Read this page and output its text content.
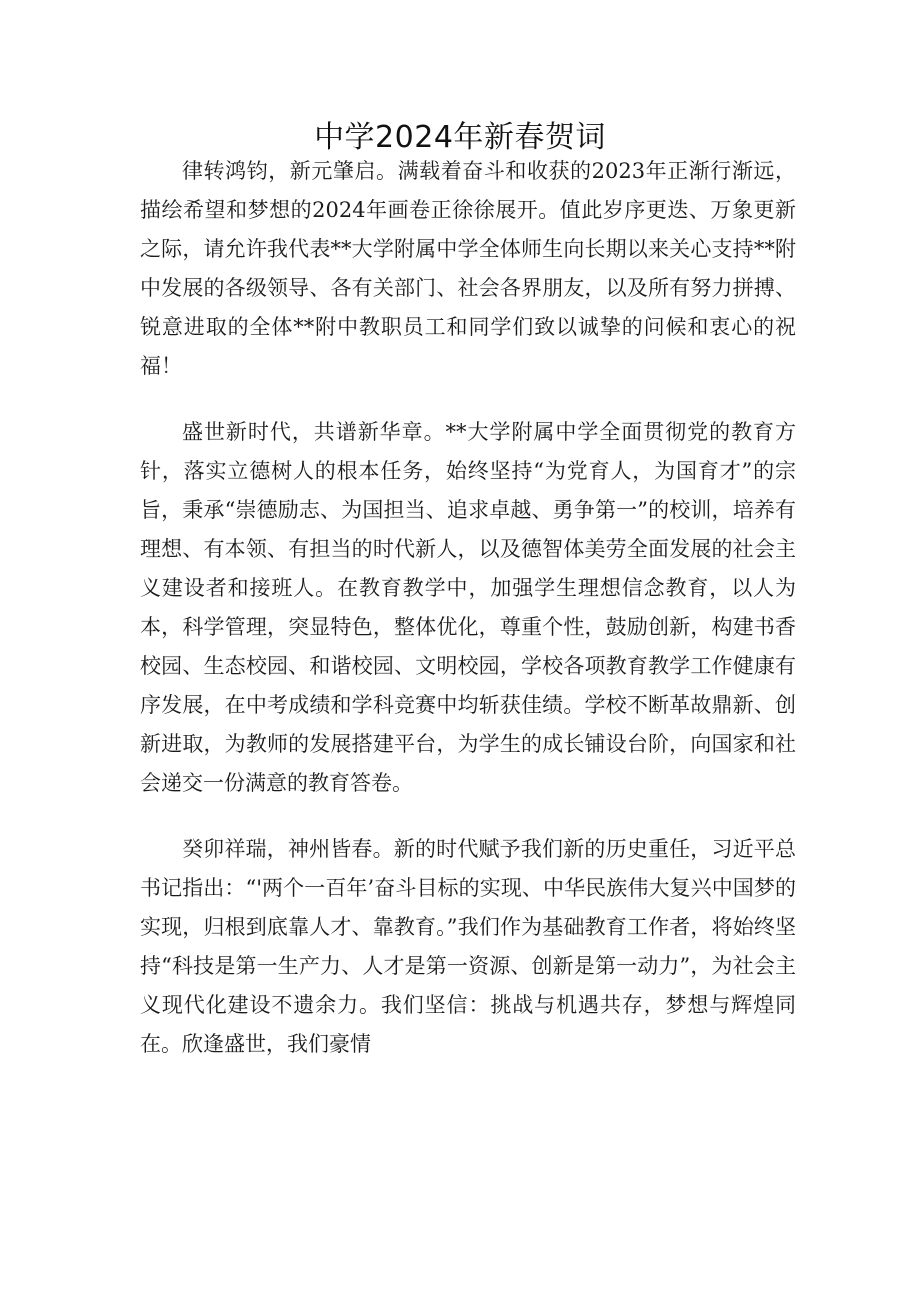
中学2024年新春贺词

律转鸿钧，新元肇启。满载着奋斗和收获的2023年正渐行渐远，描绘希望和梦想的2024年画卷正徐徐展开。值此岁序更迭、万象更新之际，请允许我代表**大学附属中学全体师生向长期以来关心支持**附中发展的各级领导、各有关部门、社会各界朋友，以及所有努力拼搏、锐意进取的全体**附中教职员工和同学们致以诚挚的问候和衷心的祝福！

盛世新时代，共谱新华章。**大学附属中学全面贯彻党的教育方针，落实立德树人的根本任务，始终坚持“为党育人，为国育才”的宗旨，秉承“崇德励志、为国担当、追求卓越、勇争第一”的校训，培养有理想、有本领、有担当的时代新人，以及德智体美劳全面发展的社会主义建设者和接班人。在教育教学中，加强学生理想信念教育，以人为本，科学管理，突显特色，整体优化，尊重个性，鼓励创新，构建书香校园、生态校园、和谐校园、文明校园，学校各项教育教学工作健康有序发展，在中考成绩和学科竞赛中均斩获佳绩。学校不断革故鼎新、创新进取，为教师的发展搭建平台，为学生的成长铺设台阶，向国家和社会递交一份满意的教育答卷。

癸卯祥瑞，神州皆春。新的时代赋予我们新的历史重任，习近平总书记指出：“'两个一百年’奋斗目标的实现、中华民族伟大复兴中国梦的实现，归根到底靠人才、靠教育。”我们作为基础教育工作者，将始终坚持“科技是第一生产力、人才是第一资源、创新是第一动力”，为社会主义现代化建设不遗余力。我们坚信：挑战与机遇共存，梦想与辉煌同在。欣逢盛世，我们豪情
